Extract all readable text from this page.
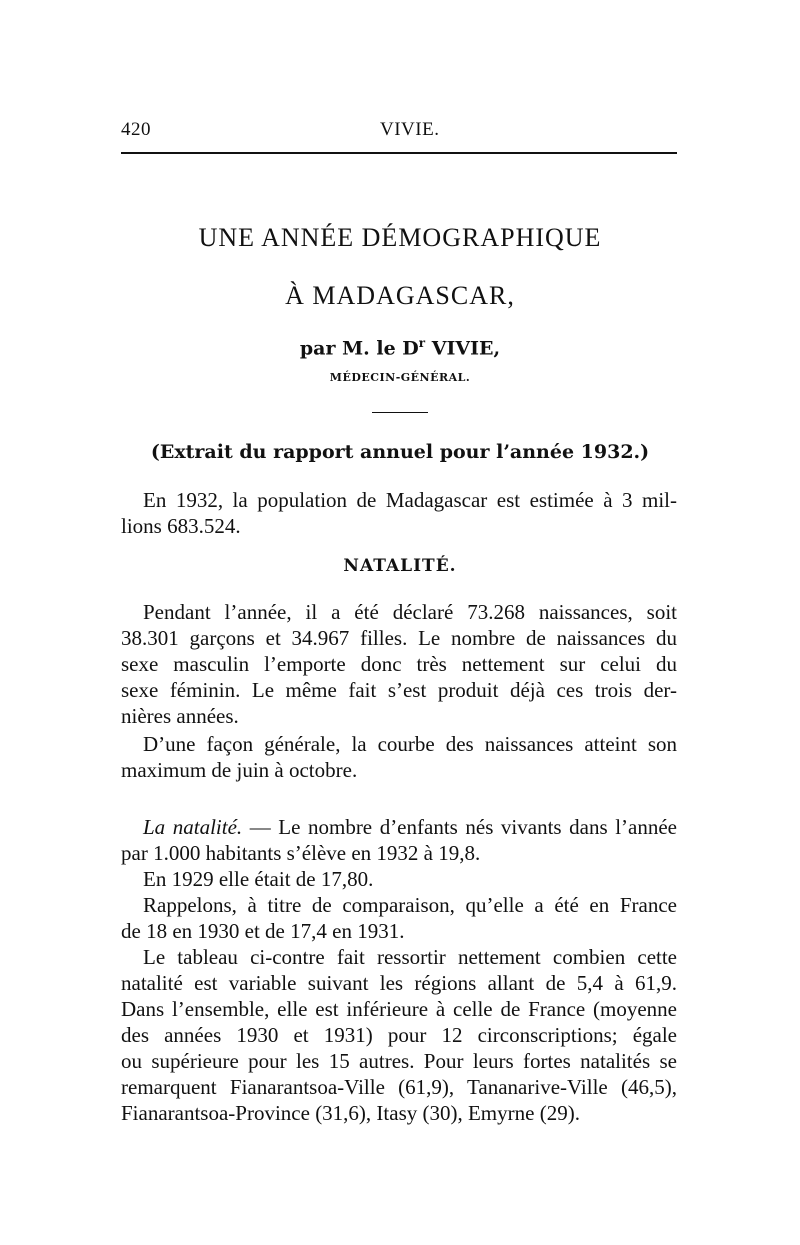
420	VIVIE.
UNE ANNÉE DÉMOGRAPHIQUE
À MADAGASCAR,
par M. le $D^r$ VIVIE,
MÉDECIN-GÉNÉRAL.
(Extrait du rapport annuel pour l’année 1932.)
En 1932, la population de Madagascar est estimée à 3 mil-
lions 683.524.
NATALITÉ.
Pendant l’année, il a été déclaré 73.268 naissances, soit
38.301 garçons et 34.967 filles. Le nombre de naissances du
sexe masculin l’emporte donc très nettement sur celui du
sexe féminin. Le même fait s’est produit déjà ces trois der-
nières années.
D’une façon générale, la courbe des naissances atteint son
maximum de juin à octobre.
La natalité. — Le nombre d’enfants nés vivants dans l’année
par 1.000 habitants s’élève en 1932 à 19,8.
En 1929 elle était de 17,80.
Rappelons, à titre de comparaison, qu’elle a été en France
de 18 en 1930 et de 17,4 en 1931.
Le tableau ci-contre fait ressortir nettement combien cette
natalité est variable suivant les régions allant de 5,4 à 61,9.
Dans l’ensemble, elle est inférieure à celle de France (moyenne
des années 1930 et 1931) pour 12 circonscriptions; égale
ou supérieure pour les 15 autres. Pour leurs fortes natalités se
remarquent Fianarantsoa-Ville (61,9), Tananarive-Ville (46,5),
Fianarantsoa-Province (31,6), Itasy (30), Emyrne (29).
